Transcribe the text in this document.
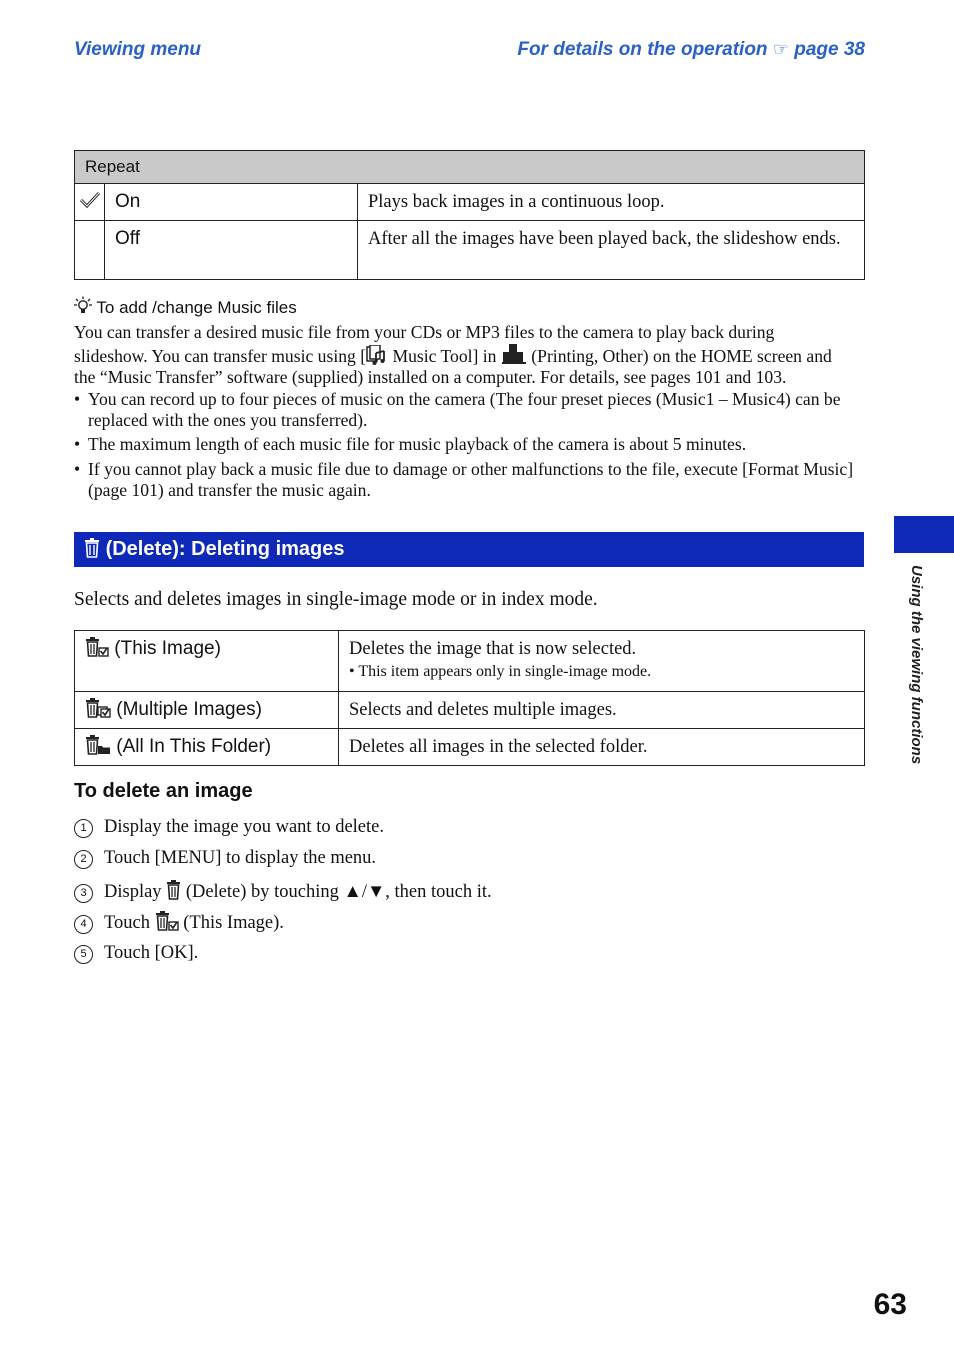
Viewing menu	For details on the operation ☞ page 38
Repeat		
	On	Plays back images in a continuous loop.
	Off	After all the images have been played back, the slideshow ends.
To add /change Music files
You can transfer a desired music file from your CDs or MP3 files to the camera to play back during
slideshow. You can transfer music using [ Music Tool] in (Printing, Other) on the HOME screen and
the “Music Transfer” software (supplied) installed on a computer. For details, see pages 101 and 103.
• You can record up to four pieces of music on the camera (The four preset pieces (Music1 – Music4) can be replaced with the ones you transferred).
• The maximum length of each music file for music playback of the camera is about 5 minutes.
• If you cannot play back a music file due to damage or other malfunctions to the file, execute [Format Music] (page 101) and transfer the music again.
(Delete): Deleting images
Selects and deletes images in single-image mode or in index mode.
(This Image)	Deletes the image that is now selected.
• This item appears only in single-image mode.

(Multiple Images)	Selects and deletes multiple images.
(All In This Folder)	Deletes all images in the selected folder.
To delete an image
1 Display the image you want to delete.
2 Touch [MENU] to display the menu.
3 Display (Delete) by touching ▲/▼, then touch it.
4 Touch (This Image).
5 Touch [OK].
Using the viewing functions
63
